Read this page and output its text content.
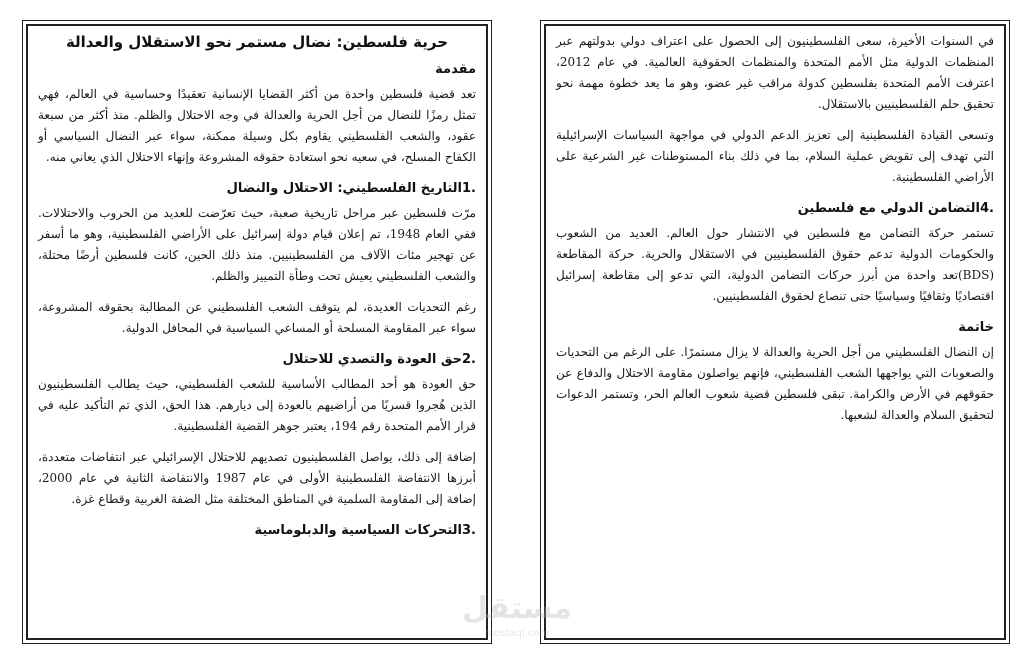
حرية فلسطين: نضال مستمر نحو الاستقلال والعدالة
مقدمة

تعد قضية فلسطين واحدة من أكثر القضايا الإنسانية تعقيدًا وحساسية في العالم، فهي تمثل رمزًا للنضال من أجل الحرية والعدالة في وجه الاحتلال والظلم. منذ أكثر من سبعة عقود، والشعب الفلسطيني يقاوم بكل وسيلة ممكنة، سواء عبر النضال السياسي أو الكفاح المسلح، في سعيه نحو استعادة حقوقه المشروعة وإنهاء الاحتلال الذي يعاني منه.

.1التاريخ الفلسطيني: الاحتلال والنضال

مرّت فلسطين عبر مراحل تاريخية صعبة، حيث تعرّضت للعديد من الحروب والاحتلالات. ففي العام 1948، تم إعلان قيام دولة إسرائيل على الأراضي الفلسطينية، وهو ما أسفر عن تهجير مئات الآلاف من الفلسطينيين. منذ ذلك الحين، كانت فلسطين أرضًا محتلة، والشعب الفلسطيني يعيش تحت وطأة التمييز والظلم.

رغم التحديات العديدة، لم يتوقف الشعب الفلسطيني عن المطالبة بحقوقه المشروعة، سواء عبر المقاومة المسلحة أو المساعي السياسية في المحافل الدولية.

.2حق العودة والتصدي للاحتلال

حق العودة هو أحد المطالب الأساسية للشعب الفلسطيني، حيث يطالب الفلسطينيون الذين هُجروا قسريًا من أراضيهم بالعودة إلى ديارهم. هذا الحق، الذي تم التأكيد عليه في قرار الأمم المتحدة رقم 194، يعتبر جوهر القضية الفلسطينية.

إضافة إلى ذلك، يواصل الفلسطينيون تصديهم للاحتلال الإسرائيلي عبر انتفاضات متعددة، أبرزها الانتفاضة الفلسطينية الأولى في عام 1987 والانتفاضة الثانية في عام 2000، إضافة إلى المقاومة السلمية في المناطق المختلفة مثل الضفة الغربية وقطاع غزة.

.3التحركات السياسية والدبلوماسية

في السنوات الأخيرة، سعى الفلسطينيون إلى الحصول على اعتراف دولي بدولتهم عبر المنظمات الدولية مثل الأمم المتحدة والمنظمات الحقوقية العالمية. في عام 2012، اعترفت الأمم المتحدة بفلسطين كدولة مراقب غير عضو، وهو ما يعد خطوة مهمة نحو تحقيق حلم الفلسطينيين بالاستقلال.

وتسعى القيادة الفلسطينية إلى تعزيز الدعم الدولي في مواجهة السياسات الإسرائيلية التي تهدف إلى تقويض عملية السلام، بما في ذلك بناء المستوطنات غير الشرعية على الأراضي الفلسطينية.

.4التضامن الدولي مع فلسطين

تستمر حركة التضامن مع فلسطين في الانتشار حول العالم. العديد من الشعوب والحكومات الدولية تدعم حقوق الفلسطينيين في الاستقلال والحرية. حركة المقاطعة (BDS)تعد واحدة من أبرز حركات التضامن الدولية، التي تدعو إلى مقاطعة إسرائيل اقتصاديًا وثقافيًا وسياسيًا حتى تنصاع لحقوق الفلسطينيين.

خاتمة

إن النضال الفلسطيني من أجل الحرية والعدالة لا يزال مستمرًا. على الرغم من التحديات والصعوبات التي يواجهها الشعب الفلسطيني، فإنهم يواصلون مقاومة الاحتلال والدفاع عن حقوقهم في الأرض والكرامة. تبقى فلسطين قضية شعوب العالم الحر، وتستمر الدعوات لتحقيق السلام والعدالة لشعبها.

مستقل
mostaql.com
